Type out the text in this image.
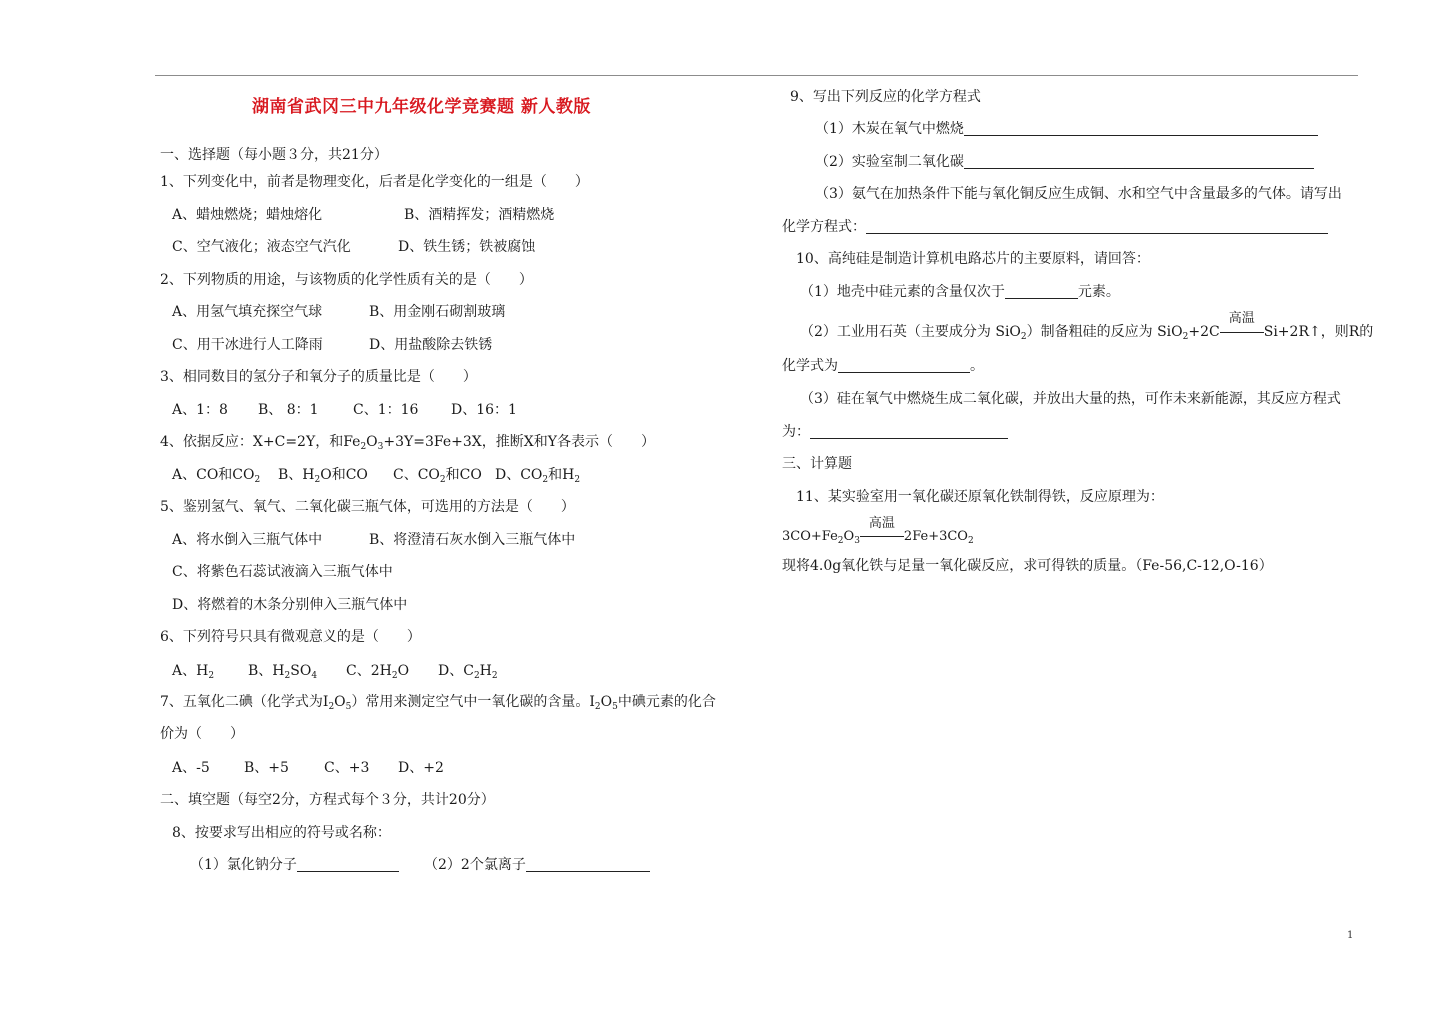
湖南省武冈三中九年级化学竞赛题 新人教版
一、选择题（每小题３分，共21分）
1、下列变化中，前者是物理变化，后者是化学变化的一组是（　　）
A、蜡烛燃烧；蜡烛熔化	B、酒精挥发；酒精燃烧
C、空气液化；液态空气汽化	D、铁生锈；铁被腐蚀
2、下列物质的用途，与该物质的化学性质有关的是（　　）
A、用氢气填充探空气球	B、用金刚石砌割玻璃
C、用干冰进行人工降雨	D、用盐酸除去铁锈
3、相同数目的氢分子和氧分子的质量比是（　　）
A、1：8 B、 8：1 C、1：16 D、16：1
4、依据反应：X+C=2Y，和$Fe_2O_3+3Y=3Fe+3X$，推断X和Y各表示（　　）
A、CO和$CO_2$ B、$H_2O$和CO C、$CO_2$和CO D、$CO_2$和$H_2$
5、鉴别氢气、氧气、二氧化碳三瓶气体，可选用的方法是（　　）
A、将水倒入三瓶气体中	B、将澄清石灰水倒入三瓶气体中
C、将紫色石蕊试液滴入三瓶气体中
D、将燃着的木条分别伸入三瓶气体中
6、下列符号只具有微观意义的是（　　）
A、$H_2$ B、$H_2SO_4$ C、$2H_2O$ D、$C_2H_2$
7、五氧化二碘（化学式为$I_2O_5$）常用来测定空气中一氧化碳的含量。$I_2O_5$中碘元素的化合
价为（　　）
A、-5 B、+5	C、+3 D、+2
二、填空题（每空2分，方程式每个３分，共计20分）
8、按要求写出相应的符号或名称：
（1）氯化钠分子	（2）2个氯离子
9、写出下列反应的化学方程式
（1）木炭在氧气中燃烧
（2）实验室制二氧化碳
（3）氨气在加热条件下能与氧化铜反应生成铜、水和空气中含量最多的气体。请写出
化学方程式：
10、高纯硅是制造计算机电路芯片的主要原料，请回答：
（1）地壳中硅元素的含量仅次于	元素。
（2）工业用石英（主要成分为 SiO$_2$）制备粗硅的反应为 SiO$_2$+2C
高温
Si+2R↑，则R的
化学式为	。
（3）硅在氧气中燃烧生成二氧化碳，并放出大量的热，可作未来新能源，其反应方程式
为：
三、计算题
11、某实验室用一氧化碳还原氧化铁制得铁，反应原理为：
$3CO+Fe_2O_3$
高温
$2Fe+3CO_2$
现将4.0g氧化铁与足量一氧化碳反应，求可得铁的质量。（Fe-56,C-12,O-16）
1
